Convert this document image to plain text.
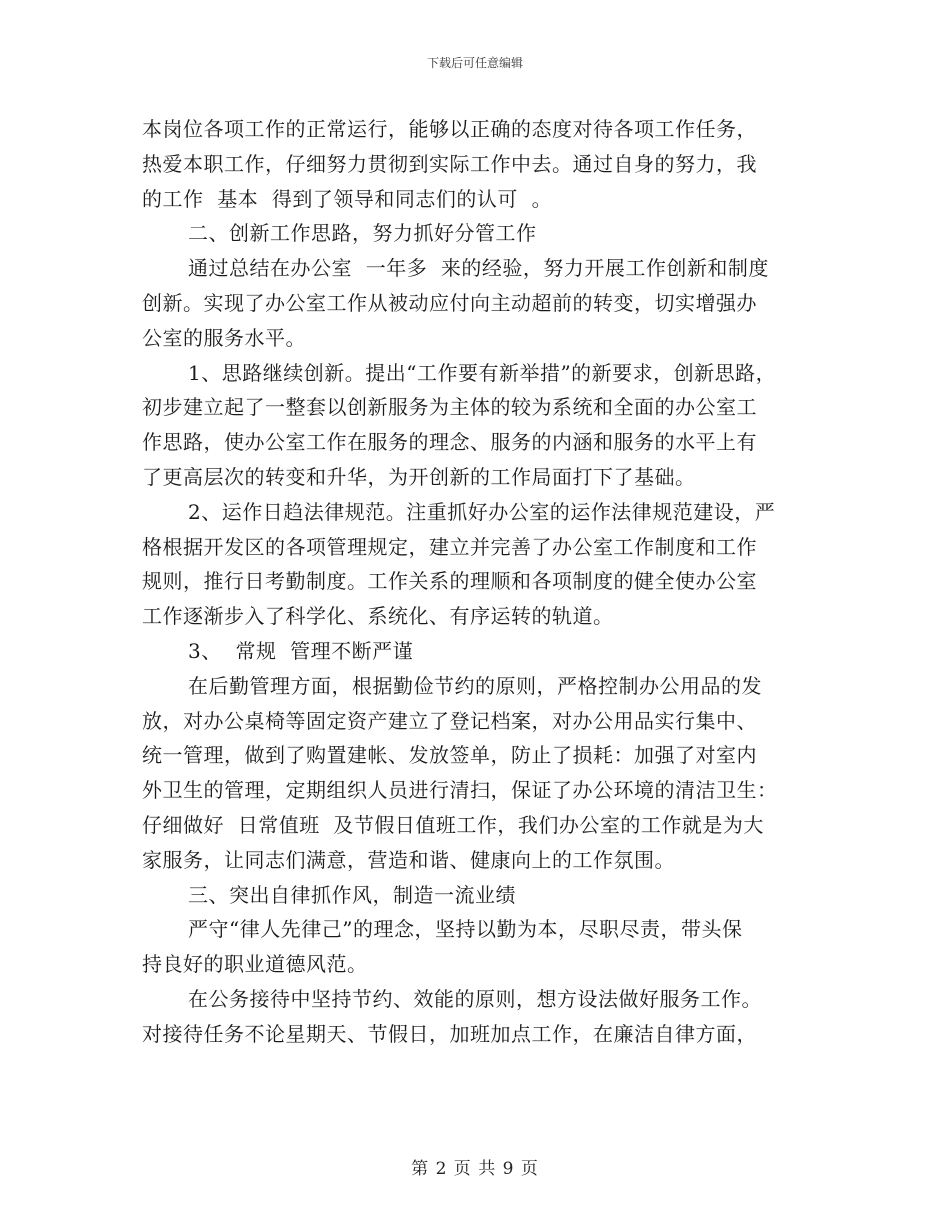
下载后可任意编辑
本岗位各项工作的正常运行，能够以正确的态度对待各项工作任务，
热爱本职工作，仔细努力贯彻到实际工作中去。通过自身的努力，我
的工作  基本  得到了领导和同志们的认可  。
二、创新工作思路，努力抓好分管工作
通过总结在办公室  一年多  来的经验，努力开展工作创新和制度
创新。实现了办公室工作从被动应付向主动超前的转变，切实增强办
公室的服务水平。
1、思路继续创新。提出“工作要有新举措”的新要求，创新思路，
初步建立起了一整套以创新服务为主体的较为系统和全面的办公室工
作思路，使办公室工作在服务的理念、服务的内涵和服务的水平上有
了更高层次的转变和升华，为开创新的工作局面打下了基础。
2、运作日趋法律规范。注重抓好办公室的运作法律规范建设，严
格根据开发区的各项管理规定，建立并完善了办公室工作制度和工作
规则，推行日考勤制度。工作关系的理顺和各项制度的健全使办公室
工作逐渐步入了科学化、系统化、有序运转的轨道。
3、  常规  管理不断严谨
在后勤管理方面，根据勤俭节约的原则，严格控制办公用品的发
放，对办公桌椅等固定资产建立了登记档案，对办公用品实行集中、
统一管理，做到了购置建帐、发放签单，防止了损耗：加强了对室内
外卫生的管理，定期组织人员进行清扫，保证了办公环境的清洁卫生：
仔细做好  日常值班  及节假日值班工作，我们办公室的工作就是为大
家服务，让同志们满意，营造和谐、健康向上的工作氛围。
三、突出自律抓作风，制造一流业绩
严守“律人先律己”的理念，坚持以勤为本，尽职尽责，带头保
持良好的职业道德风范。
在公务接待中坚持节约、效能的原则，想方设法做好服务工作。
对接待任务不论星期天、节假日，加班加点工作，在廉洁自律方面，
第 2 页 共 9 页
